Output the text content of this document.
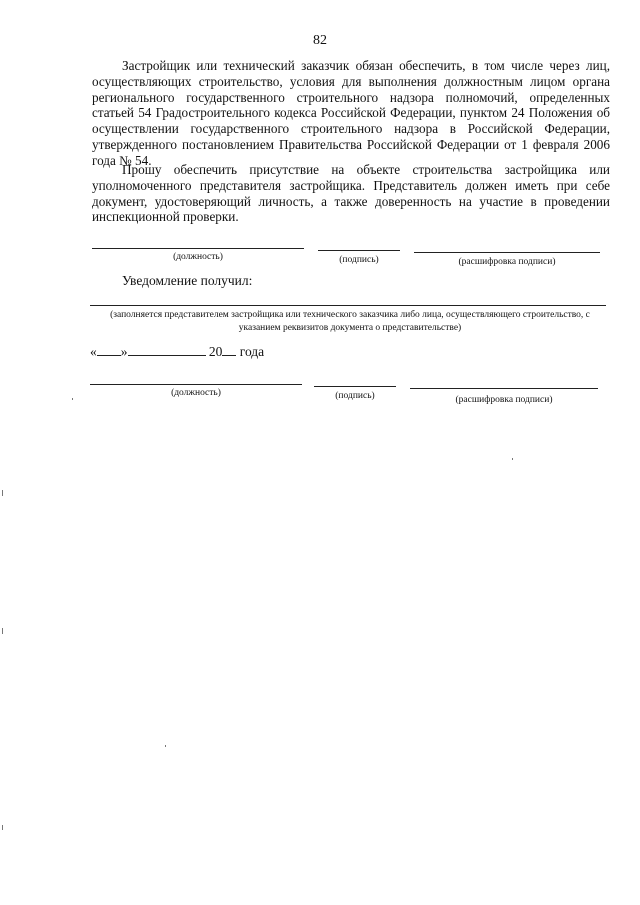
82

Застройщик или технический заказчик обязан обеспечить, в том числе через лиц, осуществляющих строительство, условия для выполнения должностным лицом органа регионального государственного строительного надзора полномочий, определенных статьей 54 Градостроительного кодекса Российской Федерации, пунктом 24 Положения об осуществлении государственного строительного надзора в Российской Федерации, утвержденного постановлением Правительства Российской Федерации от 1 февраля 2006 года № 54.

Прошу обеспечить присутствие на объекте строительства застройщика или уполномоченного представителя застройщика. Представитель должен иметь при себе документ, удостоверяющий личность, а также доверенность на участие в проведении инспекционной проверки.

(должность)	(подпись)	(расшифровка подписи)
Уведомление получил:
(заполняется представителем застройщика или технического заказчика либо лица, осуществляющего строительство, с указанием реквизитов документа о представительстве)
« »	20 года
(должность)	(подпись)	(расшифровка подписи)
